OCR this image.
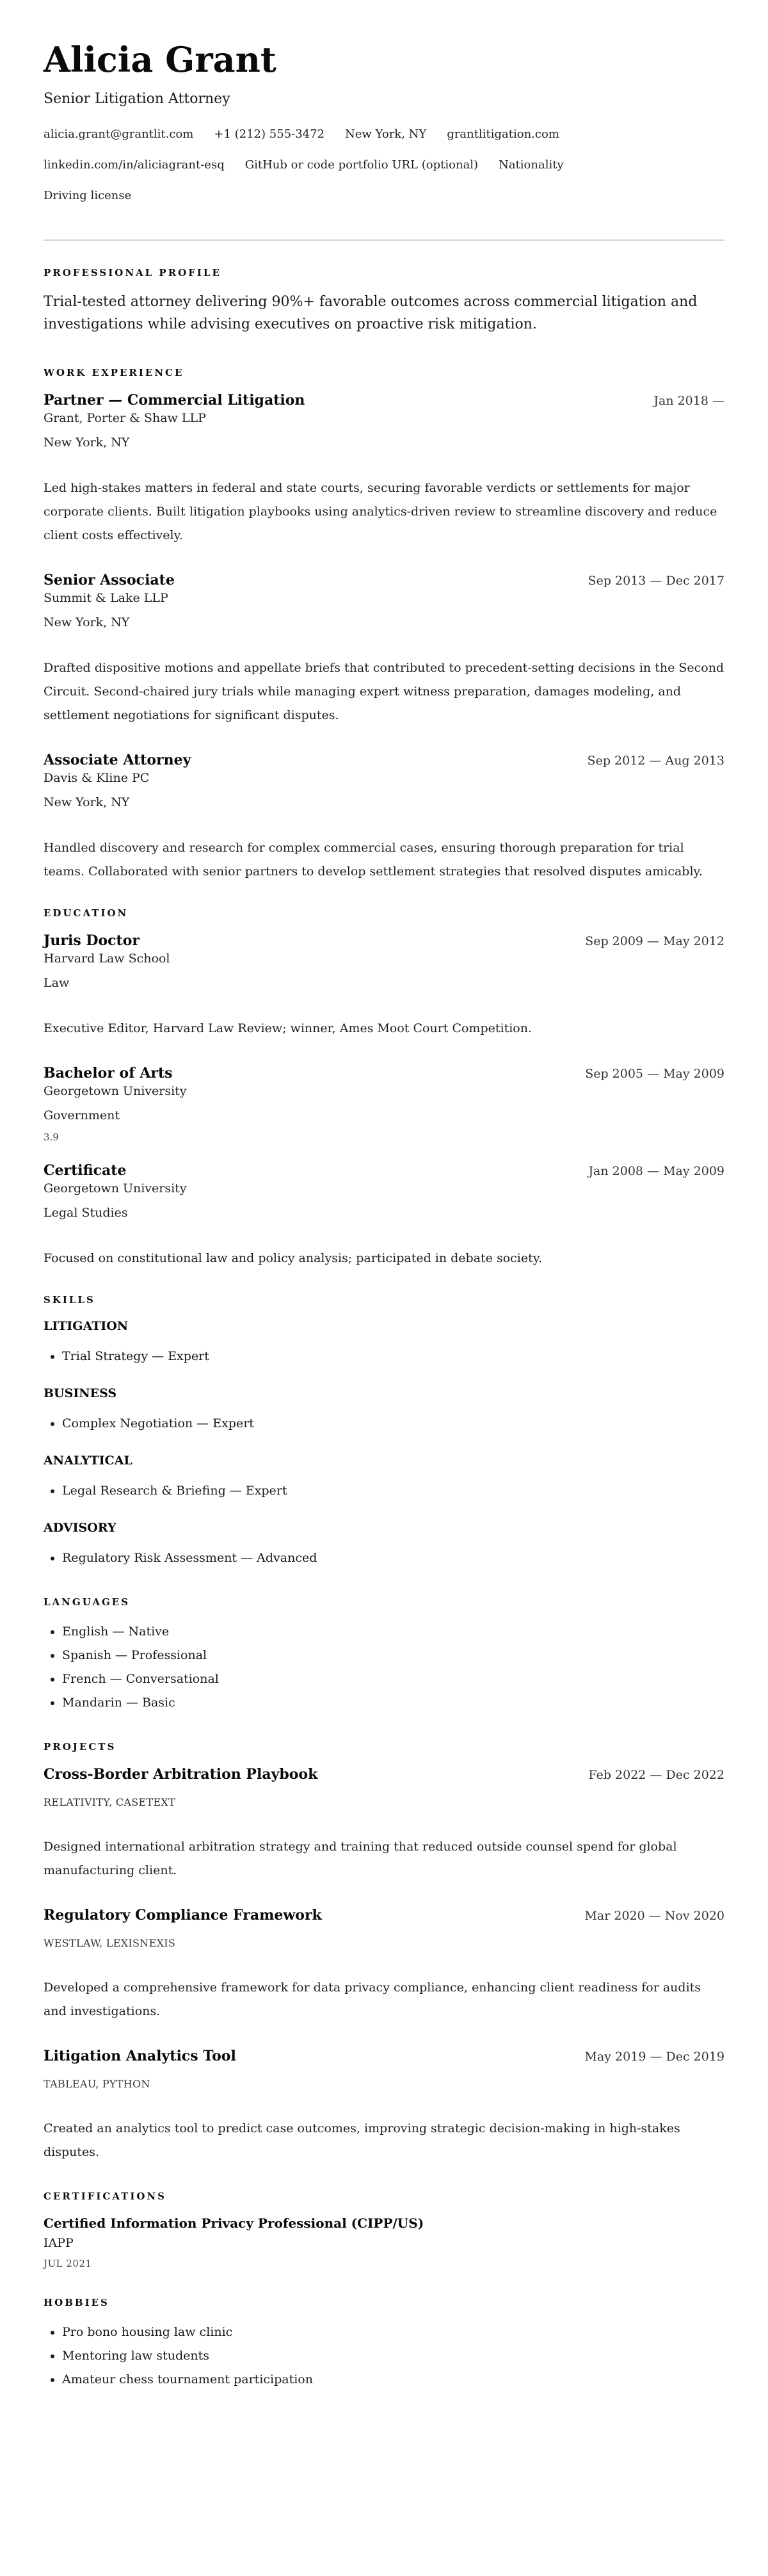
Alicia Grant
Senior Litigation Attorney
alicia.grant@grantlit.com +1 (212) 555-3472 New York, NY grantlitigation.com
linkedin.com/in/aliciagrant-esq GitHub or code portfolio URL (optional) Nationality
Driving license
PROFESSIONAL PROFILE

Trial-tested attorney delivering 90%+ favorable outcomes across commercial litigation and investigations while advising executives on proactive risk mitigation.

WORK EXPERIENCE
Partner — Commercial Litigation	Jan 2018 —
Grant, Porter & Shaw LLP
New York, NY
Led high-stakes matters in federal and state courts, securing favorable verdicts or settlements for major corporate clients. Built litigation playbooks using analytics-driven review to streamline discovery and reduce client costs effectively.
Senior Associate	Sep 2013 — Dec 2017
Summit & Lake LLP
New York, NY
Drafted dispositive motions and appellate briefs that contributed to precedent-setting decisions in the Second Circuit. Second-chaired jury trials while managing expert witness preparation, damages modeling, and settlement negotiations for significant disputes.
Associate Attorney	Sep 2012 — Aug 2013
Davis & Kline PC
New York, NY
Handled discovery and research for complex commercial cases, ensuring thorough preparation for trial teams. Collaborated with senior partners to develop settlement strategies that resolved disputes amicably.
EDUCATION
Juris Doctor	Sep 2009 — May 2012
Harvard Law School
Law
Executive Editor, Harvard Law Review; winner, Ames Moot Court Competition.
Bachelor of Arts	Sep 2005 — May 2009
Georgetown University
Government
3.9
Certificate	Jan 2008 — May 2009
Georgetown University
Legal Studies
Focused on constitutional law and policy analysis; participated in debate society.
SKILLS
LITIGATION
• Trial Strategy — Expert
BUSINESS
• Complex Negotiation — Expert
ANALYTICAL
• Legal Research & Briefing — Expert
ADVISORY
• Regulatory Risk Assessment — Advanced
LANGUAGES
• English — Native
• Spanish — Professional
• French — Conversational
• Mandarin — Basic
PROJECTS
Cross-Border Arbitration Playbook	Feb 2022 — Dec 2022
RELATIVITY, CASETEXT
Designed international arbitration strategy and training that reduced outside counsel spend for global manufacturing client.
Regulatory Compliance Framework	Mar 2020 — Nov 2020
WESTLAW, LEXISNEXIS
Developed a comprehensive framework for data privacy compliance, enhancing client readiness for audits and investigations.
Litigation Analytics Tool	May 2019 — Dec 2019
TABLEAU, PYTHON
Created an analytics tool to predict case outcomes, improving strategic decision-making in high-stakes disputes.
CERTIFICATIONS
Certified Information Privacy Professional (CIPP/US)
IAPP
JUL 2021
HOBBIES
• Pro bono housing law clinic
• Mentoring law students
• Amateur chess tournament participation
